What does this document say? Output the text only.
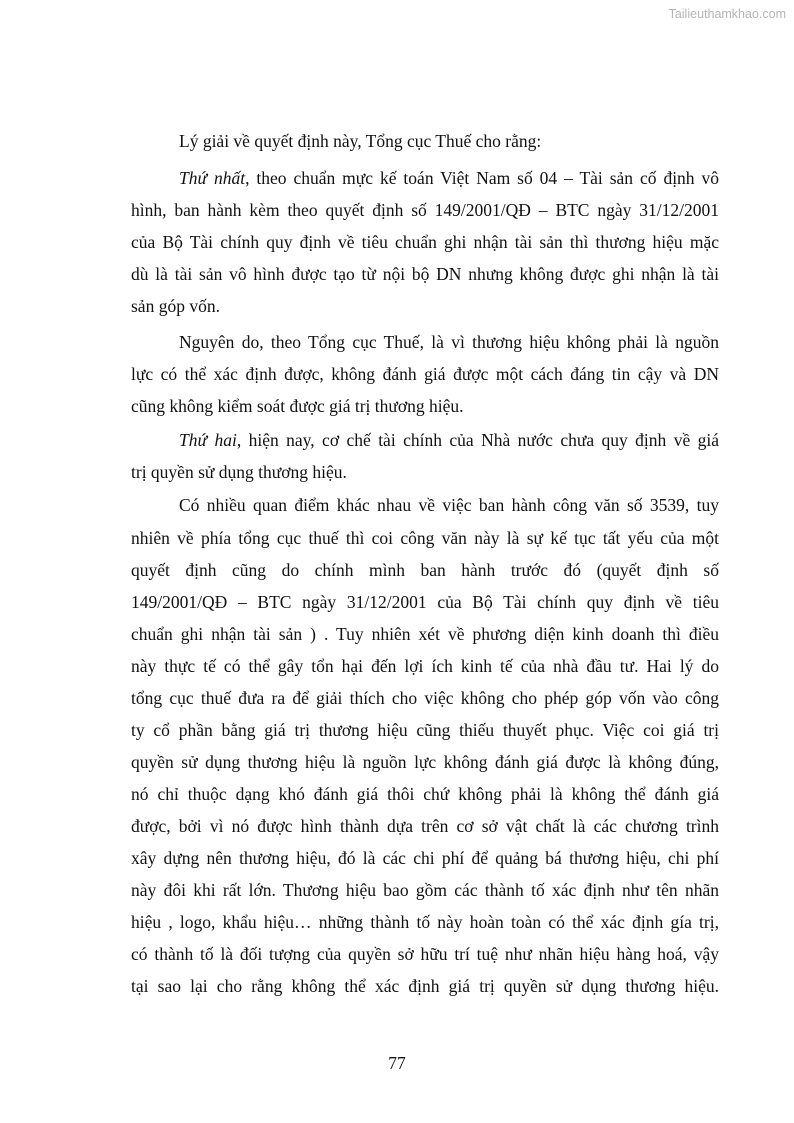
Tailieuthamkhao.com
Lý giải về quyết định này, Tổng cục Thuế cho rằng:
Thứ nhất, theo chuẩn mực kế toán Việt Nam số 04 – Tài sản cố định vô
hình, ban hành kèm theo quyết định số 149/2001/QĐ – BTC ngày 31/12/2001
của Bộ Tài chính quy định về tiêu chuẩn ghi nhận tài sản thì thương hiệu mặc
dù là tài sản vô hình được tạo từ nội bộ DN nhưng không được ghi nhận là tài
sản góp vốn.
Nguyên do, theo Tổng cục Thuế, là vì thương hiệu không phải là nguồn
lực có thể xác định được, không đánh giá được một cách đáng tin cậy và DN
cũng không kiểm soát được giá trị thương hiệu.
Thứ hai, hiện nay, cơ chế tài chính của Nhà nước chưa quy định về giá
trị quyền sử dụng thương hiệu.
Có nhiều quan điểm khác nhau về việc ban hành công văn số 3539, tuy
nhiên về phía tổng cục thuế thì coi công văn này là sự kế tục tất yếu của một
quyết định cũng do chính mình ban hành trước đó (quyết định số
149/2001/QĐ – BTC ngày 31/12/2001 của Bộ Tài chính quy định về tiêu
chuẩn ghi nhận tài sản ) . Tuy nhiên xét về phương diện kinh doanh thì điều
này thực tế có thể gây tổn hại đến lợi ích kinh tế của nhà đầu tư. Hai lý do
tổng cục thuế đưa ra để giải thích cho việc không cho phép góp vốn vào công
ty cổ phần bằng giá trị thương hiệu cũng thiếu thuyết phục. Việc coi giá trị
quyền sử dụng thương hiệu là nguồn lực không đánh giá được là không đúng,
nó chỉ thuộc dạng khó đánh giá thôi chứ không phải là không thể đánh giá
được, bởi vì nó được hình thành dựa trên cơ sở vật chất là các chương trình
xây dựng nên thương hiệu, đó là các chi phí để quảng bá thương hiệu, chi phí
này đôi khi rất lớn. Thương hiệu bao gồm các thành tố xác định như tên nhãn
hiệu , logo, khẩu hiệu… những thành tố này hoàn toàn có thể xác định gía trị,
có thành tố là đối tượng của quyền sở hữu trí tuệ như nhãn hiệu hàng hoá, vậy
tại sao lại cho rằng không thể xác định giá trị quyền sử dụng thương hiệu.
77
